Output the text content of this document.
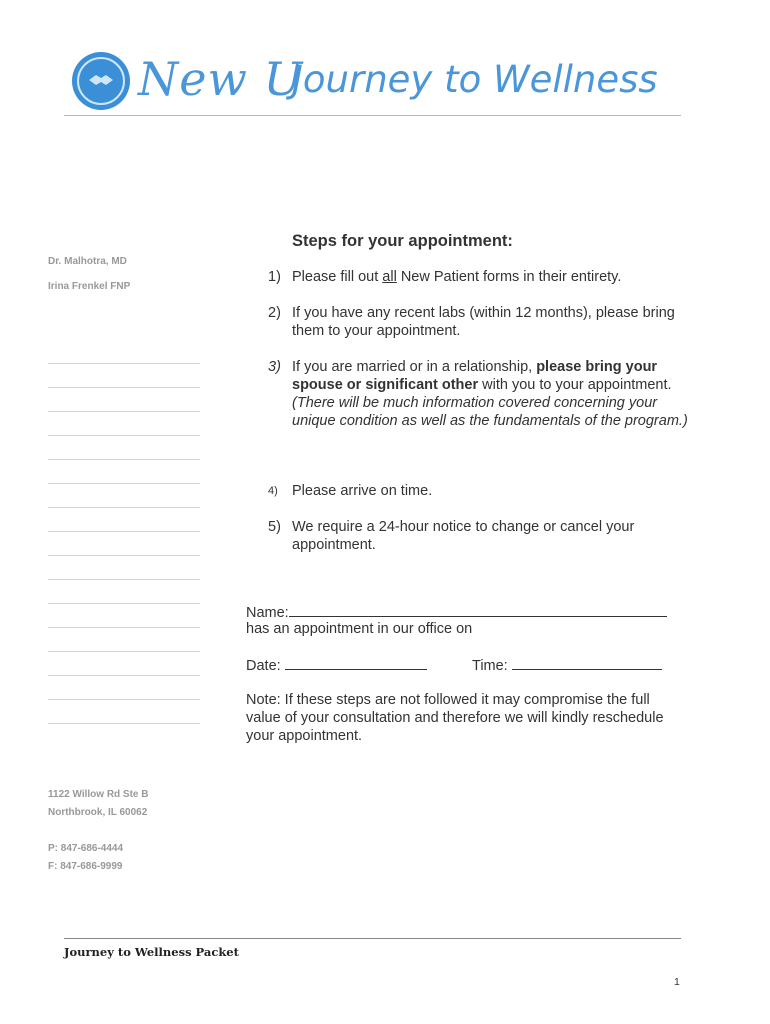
New U
Journey to Wellness
Dr. Malhotra, MD
Irina Frenkel FNP
1122 Willow Rd Ste B
Northbrook, IL 60062
P: 847-686-4444
F: 847-686-9999
Steps for your appointment:
1) Please fill out all New Patient forms in their entirety.
2) If you have any recent labs (within 12 months), please bring them to your appointment.
3) If you are married or in a relationship, please bring your spouse or significant other with you to your appointment.
(There will be much information covered concerning your unique condition as well as the fundamentals of the program.)
4) Please arrive on time.
5) We require a 24-hour notice to change or cancel your appointment.
Name:
has an appointment in our office on
Date:	Time:
Note: If these steps are not followed it may compromise the full value of your consultation and therefore we will kindly reschedule your appointment.
Journey to Wellness Packet
1
